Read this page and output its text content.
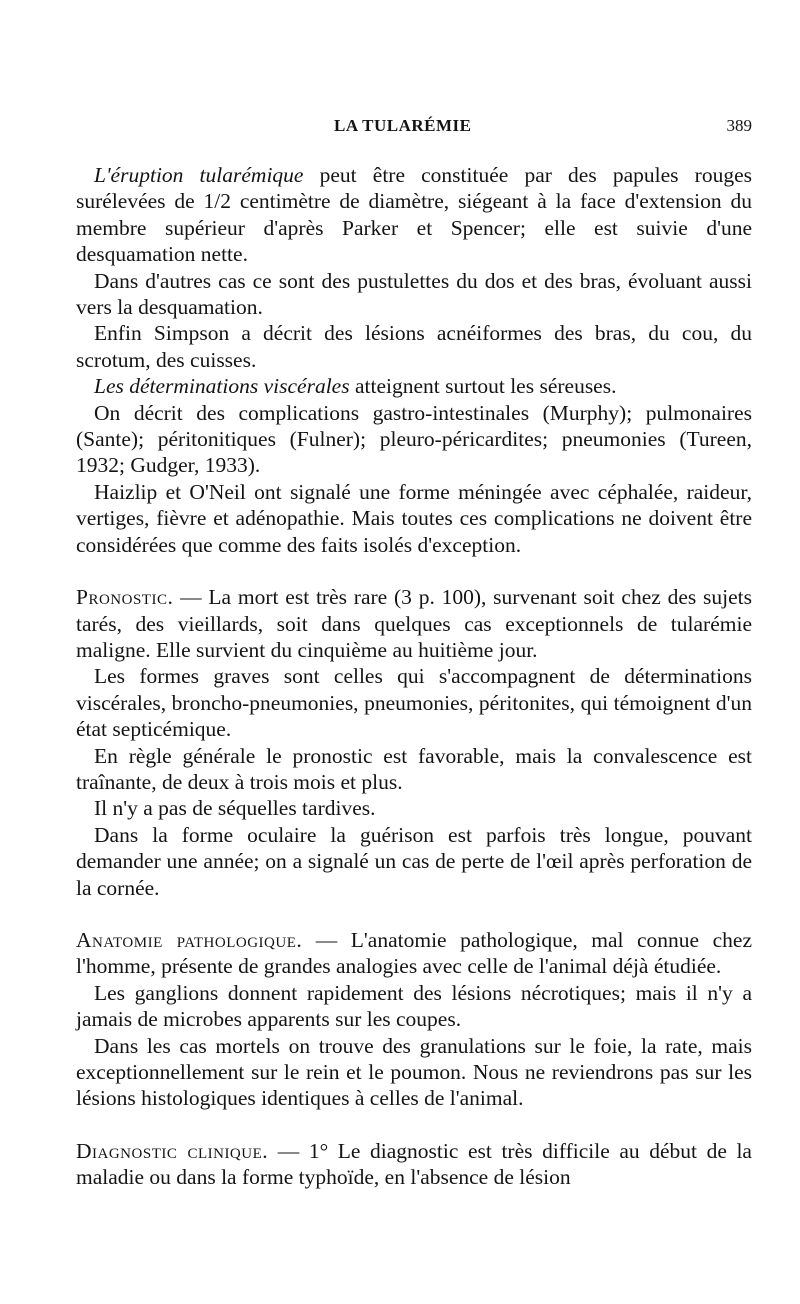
LA TULARÉMIE	389

L'éruption tularémique peut être constituée par des papules rouges surélevées de 1/2 centimètre de diamètre, siégeant à la face d'extension du membre supérieur d'après Parker et Spencer; elle est suivie d'une desquamation nette.

Dans d'autres cas ce sont des pustulettes du dos et des bras, évoluant aussi vers la desquamation.

Enfin Simpson a décrit des lésions acnéiformes des bras, du cou, du scrotum, des cuisses.

Les déterminations viscérales atteignent surtout les séreuses.

On décrit des complications gastro-intestinales (Murphy); pulmonaires (Sante); péritonitiques (Fulner); pleuro-péricardites; pneumonies (Tureen, 1932; Gudger, 1933).

Haizlip et O'Neil ont signalé une forme méningée avec céphalée, raideur, vertiges, fièvre et adénopathie. Mais toutes ces complications ne doivent être considérées que comme des faits isolés d'exception.

Pronostic. — La mort est très rare (3 p. 100), survenant soit chez des sujets tarés, des vieillards, soit dans quelques cas exceptionnels de tularémie maligne. Elle survient du cinquième au huitième jour.

Les formes graves sont celles qui s'accompagnent de déterminations viscérales, broncho-pneumonies, pneumonies, péritonites, qui témoignent d'un état septicémique.

En règle générale le pronostic est favorable, mais la convalescence est traînante, de deux à trois mois et plus.

Il n'y a pas de séquelles tardives.

Dans la forme oculaire la guérison est parfois très longue, pouvant demander une année; on a signalé un cas de perte de l'œil après perforation de la cornée.

Anatomie pathologique. — L'anatomie pathologique, mal connue chez l'homme, présente de grandes analogies avec celle de l'animal déjà étudiée.

Les ganglions donnent rapidement des lésions nécrotiques; mais il n'y a jamais de microbes apparents sur les coupes.

Dans les cas mortels on trouve des granulations sur le foie, la rate, mais exceptionnellement sur le rein et le poumon. Nous ne reviendrons pas sur les lésions histologiques identiques à celles de l'animal.

Diagnostic clinique. — 1° Le diagnostic est très difficile au début de la maladie ou dans la forme typhoïde, en l'absence de lésion
